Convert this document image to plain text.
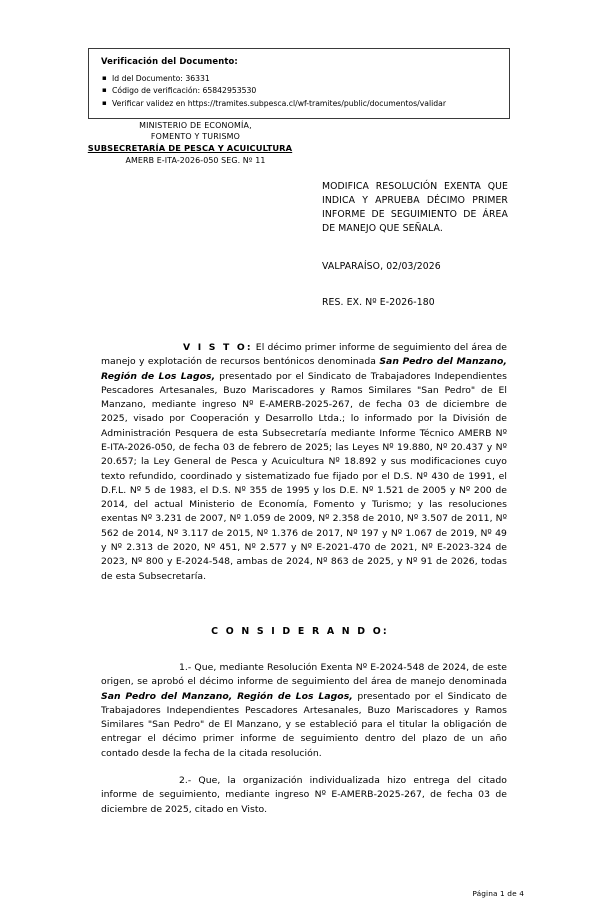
Verificación del Documento:
▪ Id del Documento: 36331
▪ Código de verificación: 65842953530
▪ Verificar validez en https://tramites.subpesca.cl/wf-tramites/public/documentos/validar
MINISTERIO DE ECONOMÍA,
FOMENTO Y TURISMO
SUBSECRETARÍA DE PESCA Y ACUICULTURA
AMERB E-ITA-2026-050 SEG. Nº 11
MODIFICA RESOLUCIÓN EXENTA QUE INDICA Y APRUEBA DÉCIMO PRIMER INFORME DE SEGUIMIENTO DE ÁREA DE MANEJO QUE SEÑALA.
VALPARAÍSO, 02/03/2026
RES. EX. Nº E-2026-180

V I S T O: El décimo primer informe de seguimiento del área de manejo y explotación de recursos bentónicos denominada San Pedro del Manzano, Región de Los Lagos, presentado por el Sindicato de Trabajadores Independientes Pescadores Artesanales, Buzo Mariscadores y Ramos Similares "San Pedro" de El Manzano, mediante ingreso Nº E-AMERB-2025-267, de fecha 03 de diciembre de 2025, visado por Cooperación y Desarrollo Ltda.; lo informado por la División de Administración Pesquera de esta Subsecretaría mediante Informe Técnico AMERB Nº E-ITA-2026-050, de fecha 03 de febrero de 2025; las Leyes Nº 19.880, Nº 20.437 y Nº 20.657; la Ley General de Pesca y Acuicultura Nº 18.892 y sus modificaciones cuyo texto refundido, coordinado y sistematizado fue fijado por el D.S. Nº 430 de 1991, el D.F.L. Nº 5 de 1983, el D.S. Nº 355 de 1995 y los D.E. Nº 1.521 de 2005 y Nº 200 de 2014, del actual Ministerio de Economía, Fomento y Turismo; y las resoluciones exentas Nº 3.231 de 2007, Nº 1.059 de 2009, Nº 2.358 de 2010, Nº 3.507 de 2011, Nº 562 de 2014, Nº 3.117 de 2015, Nº 1.376 de 2017, Nº 197 y Nº 1.067 de 2019, Nº 49 y Nº 2.313 de 2020, Nº 451, Nº 2.577 y Nº E-2021-470 de 2021, Nº E-2023-324 de 2023, Nº 800 y E-2024-548, ambas de 2024, Nº 863 de 2025, y Nº 91 de 2026, todas de esta Subsecretaría.

C O N S I D E R A N D O:

1.- Que, mediante Resolución Exenta Nº E-2024-548 de 2024, de este origen, se aprobó el décimo informe de seguimiento del área de manejo denominada San Pedro del Manzano, Región de Los Lagos, presentado por el Sindicato de Trabajadores Independientes Pescadores Artesanales, Buzo Mariscadores y Ramos Similares "San Pedro" de El Manzano, y se estableció para el titular la obligación de entregar el décimo primer informe de seguimiento dentro del plazo de un año contado desde la fecha de la citada resolución.

2.- Que, la organización individualizada hizo entrega del citado informe de seguimiento, mediante ingreso Nº E-AMERB-2025-267, de fecha 03 de diciembre de 2025, citado en Visto.

Página 1 de 4
